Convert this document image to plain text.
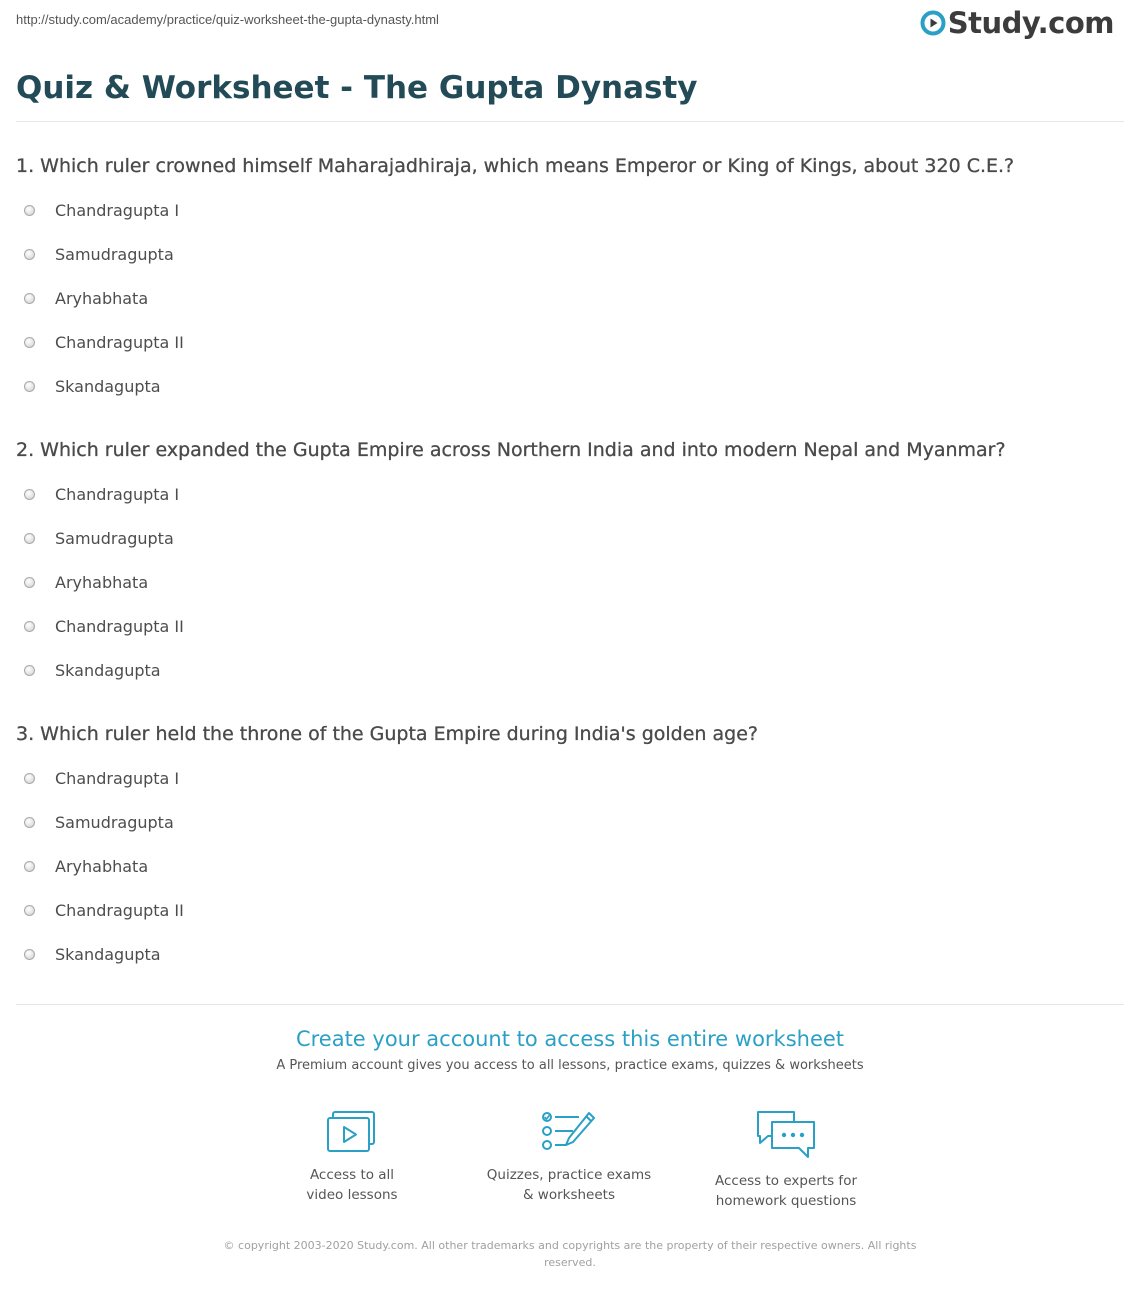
http://study.com/academy/practice/quiz-worksheet-the-gupta-dynasty.html	Study.com
Quiz & Worksheet - The Gupta Dynasty
1. Which ruler crowned himself Maharajadhiraja, which means Emperor or King of Kings, about 320 C.E.?
Chandragupta I
Samudragupta
Aryhabhata
Chandragupta II
Skandagupta
2. Which ruler expanded the Gupta Empire across Northern India and into modern Nepal and Myanmar?
Chandragupta I
Samudragupta
Aryhabhata
Chandragupta II
Skandagupta
3. Which ruler held the throne of the Gupta Empire during India's golden age?
Chandragupta I
Samudragupta
Aryhabhata
Chandragupta II
Skandagupta
Create your account to access this entire worksheet
A Premium account gives you access to all lessons, practice exams, quizzes & worksheets
Access to all
video lessons
Quizzes, practice exams
& worksheets
Access to experts for
homework questions
© copyright 2003-2020 Study.com. All other trademarks and copyrights are the property of their respective owners. All rights reserved.
